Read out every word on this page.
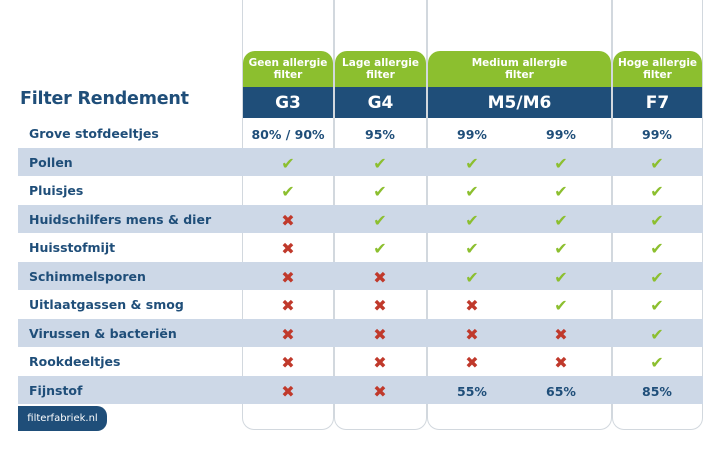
Geen allergie
filter
Lage allergie
filter
Medium allergie
filter
Hoge allergie
filter
G3	G4	M5/M6	F7
Filter Rendement
Grove stofdeeltjes	80% / 90%	95%	99%	99%	99%
Pollen	✔	✔	✔	✔	✔
Pluisjes	✔	✔	✔	✔	✔
Huidschilfers mens & dier	✖	✔	✔	✔	✔
Huisstofmijt	✖	✔	✔	✔	✔
Schimmelsporen	✖	✖	✔	✔	✔
Uitlaatgassen & smog	✖	✖	✖	✔	✔
Virussen & bacteriën	✖	✖	✖	✖	✔
Rookdeeltjes	✖	✖	✖	✖	✔
Fijnstof	✖	✖	55%	65%	85%
filterfabriek.nl
